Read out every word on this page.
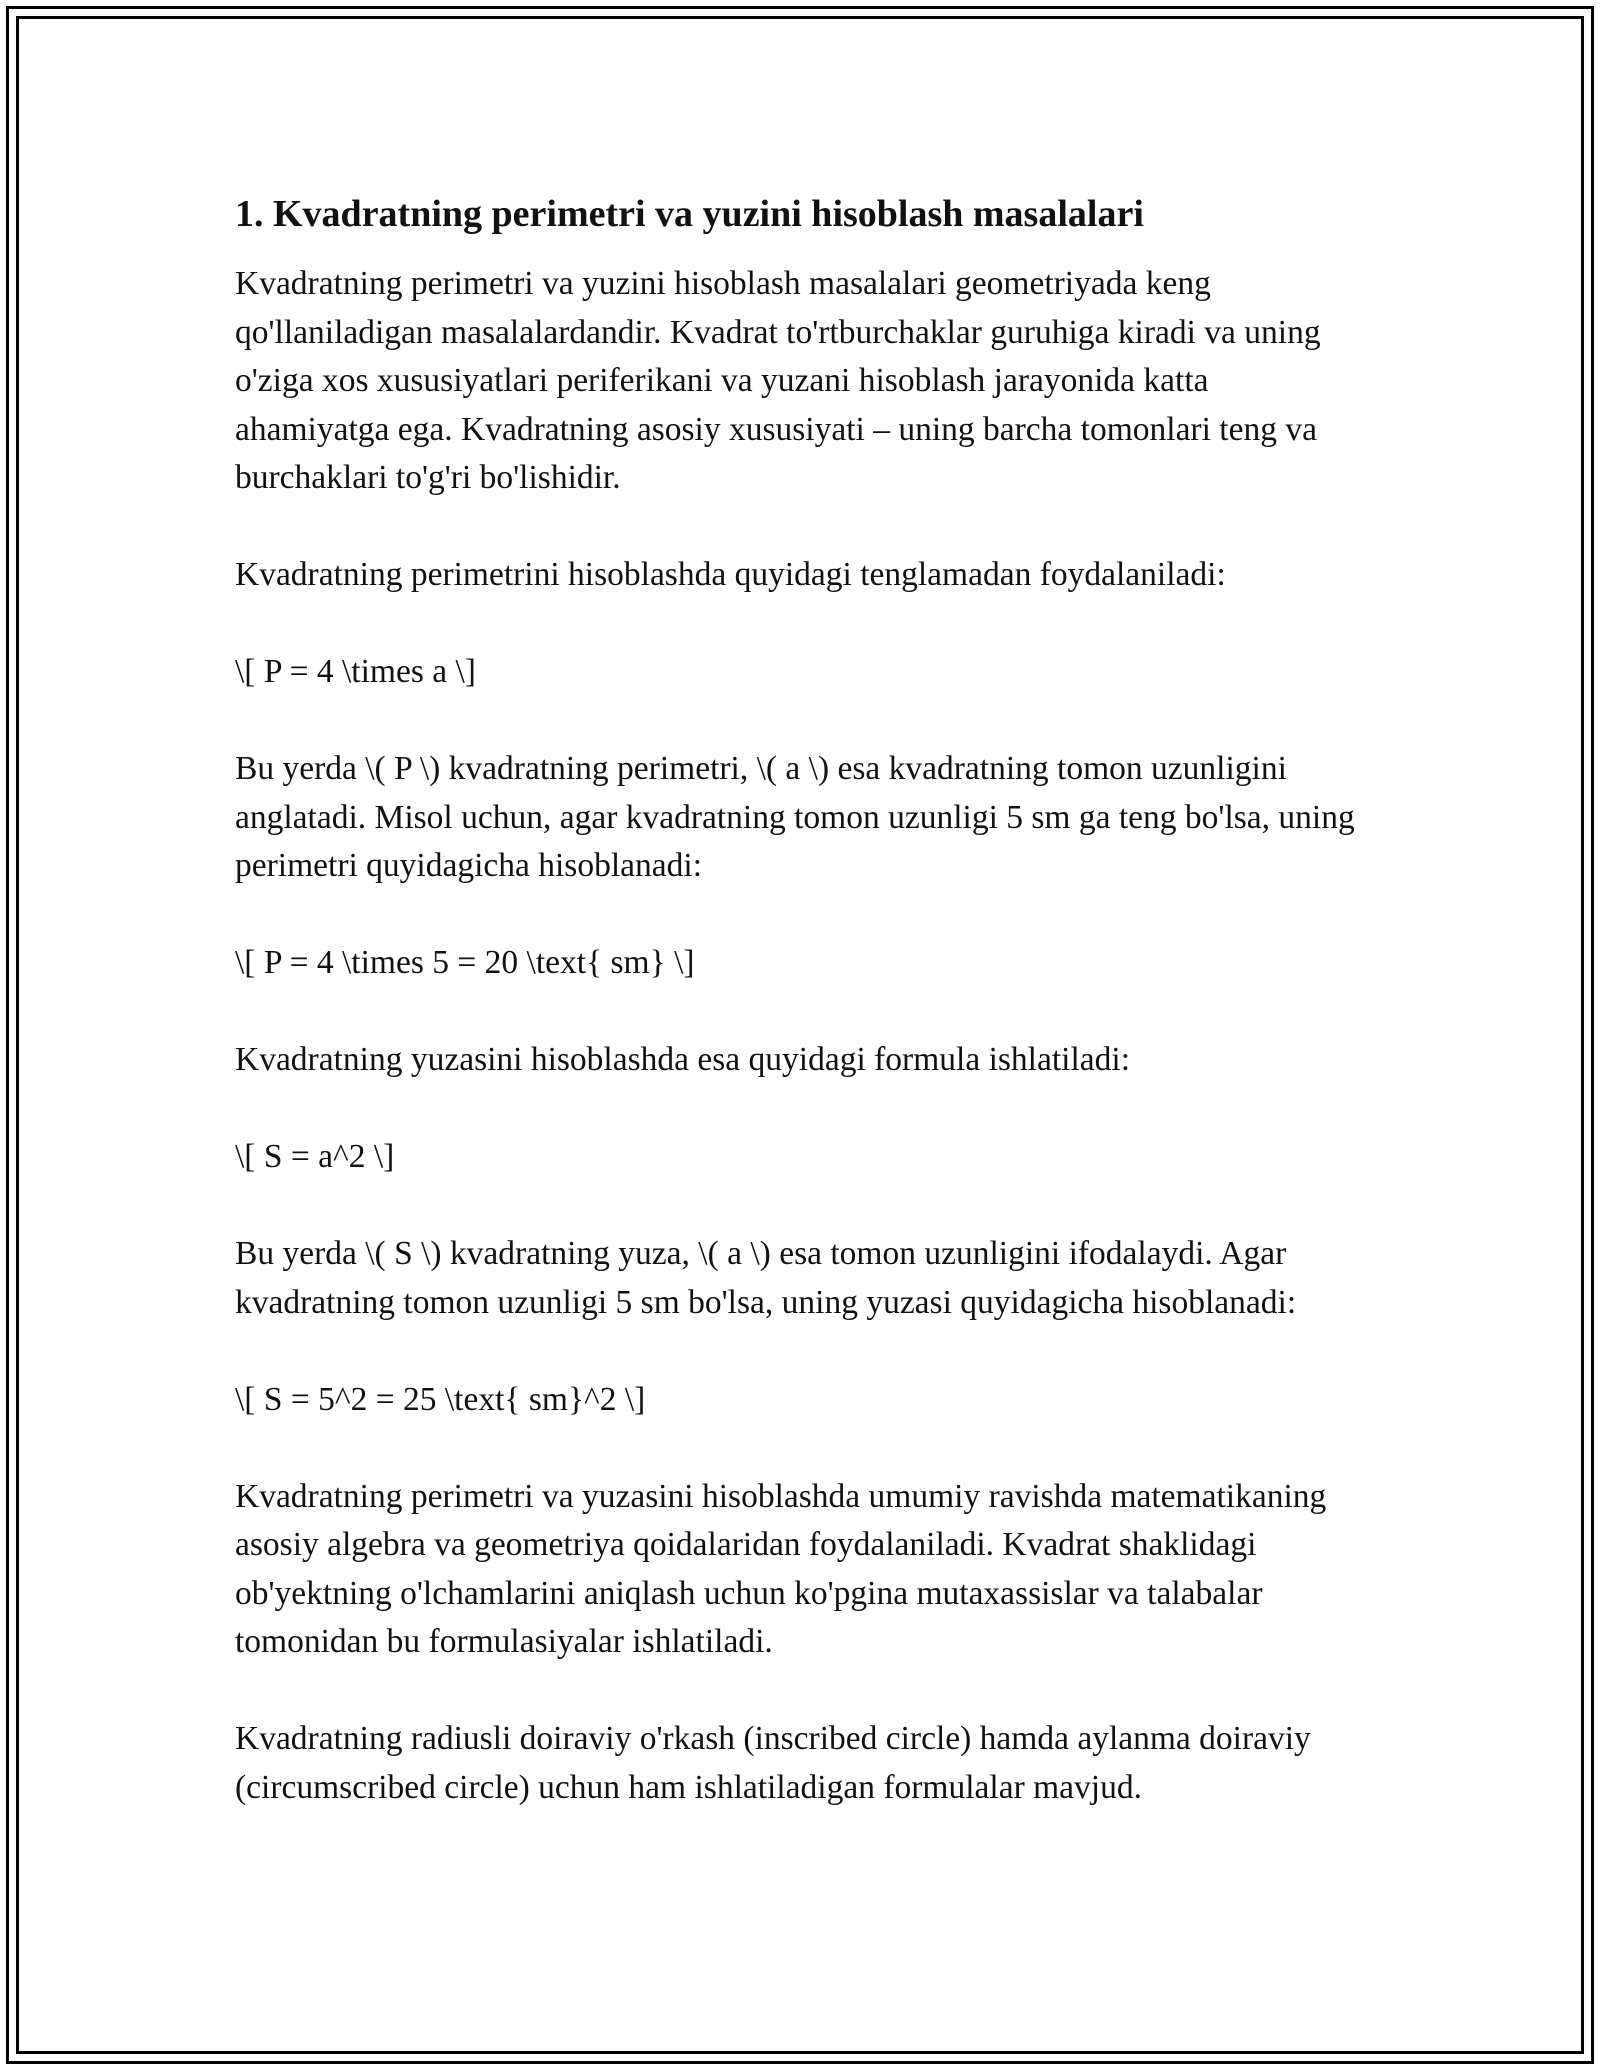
1. Kvadratning perimetri va yuzini hisoblash masalalari

Kvadratning perimetri va yuzini hisoblash masalalari geometriyada keng qo'llaniladigan masalalardandir. Kvadrat to'rtburchaklar guruhiga kiradi va uning o'ziga xos xususiyatlari periferikani va yuzani hisoblash jarayonida katta ahamiyatga ega. Kvadratning asosiy xususiyati – uning barcha tomonlari teng va burchaklari to'g'ri bo'lishidir.

Kvadratning perimetrini hisoblashda quyidagi tenglamadan foydalaniladi:

\[ P = 4 \times a \]

Bu yerda \( P \) kvadratning perimetri, \( a \) esa kvadratning tomon uzunligini anglatadi. Misol uchun, agar kvadratning tomon uzunligi 5 sm ga teng bo'lsa, uning perimetri quyidagicha hisoblanadi:

\[ P = 4 \times 5 = 20 \text{ sm} \]

Kvadratning yuzasini hisoblashda esa quyidagi formula ishlatiladi:

\[ S = a^2 \]

Bu yerda \( S \) kvadratning yuza, \( a \) esa tomon uzunligini ifodalaydi. Agar kvadratning tomon uzunligi 5 sm bo'lsa, uning yuzasi quyidagicha hisoblanadi:

\[ S = 5^2 = 25 \text{ sm}^2 \]

Kvadratning perimetri va yuzasini hisoblashda umumiy ravishda matematikaning asosiy algebra va geometriya qoidalaridan foydalaniladi. Kvadrat shaklidagi ob'yektning o'lchamlarini aniqlash uchun ko'pgina mutaxassislar va talabalar tomonidan bu formulasiyalar ishlatiladi.

Kvadratning radiusli doiraviy o'rkash (inscribed circle) hamda aylanma doiraviy (circumscribed circle) uchun ham ishlatiladigan formulalar mavjud.
